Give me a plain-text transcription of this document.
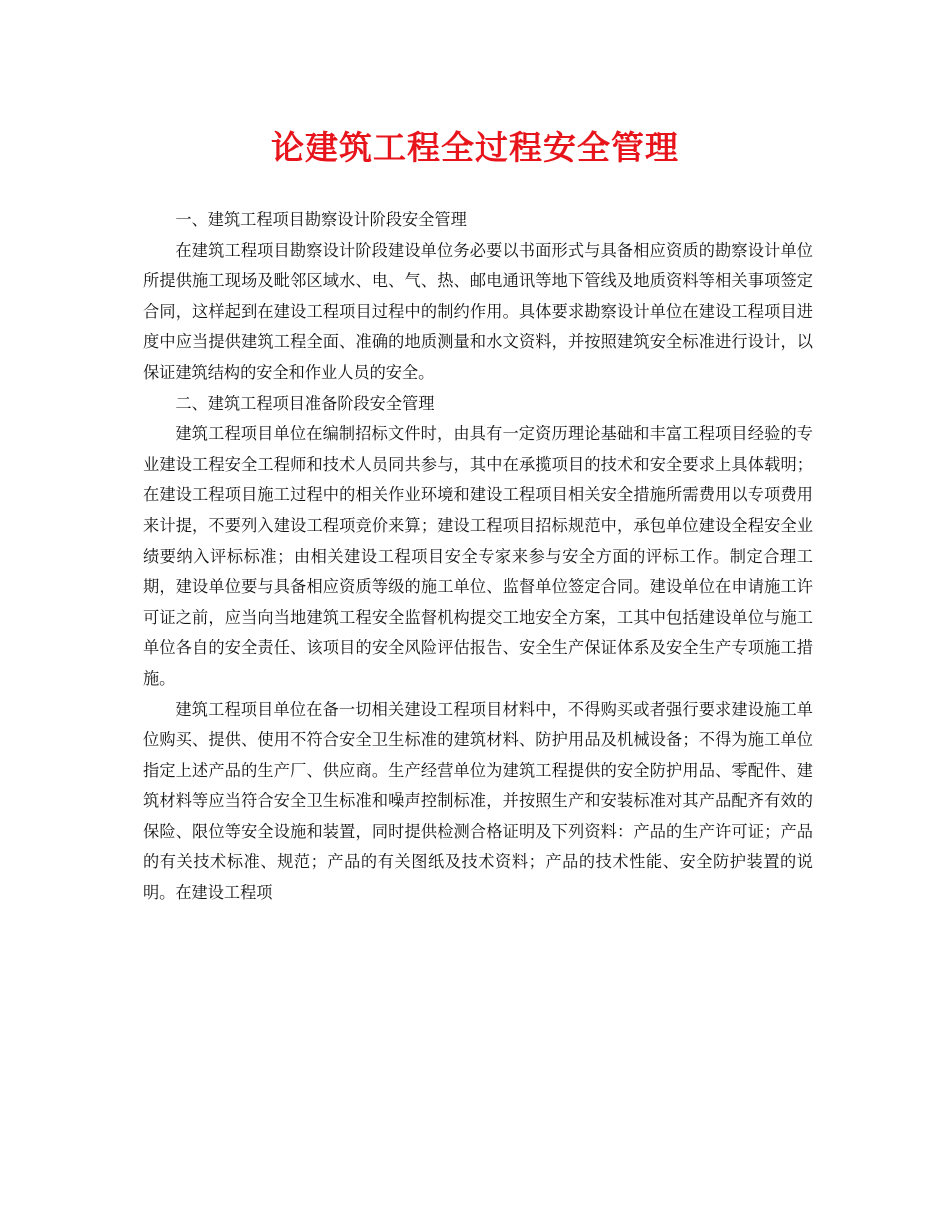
论建筑工程全过程安全管理

一、建筑工程项目勘察设计阶段安全管理

在建筑工程项目勘察设计阶段建设单位务必要以书面形式与具备相应资质的勘察设计单位所提供施工现场及毗邻区域水、电、气、热、邮电通讯等地下管线及地质资料等相关事项签定合同，这样起到在建设工程项目过程中的制约作用。具体要求勘察设计单位在建设工程项目进度中应当提供建筑工程全面、准确的地质测量和水文资料，并按照建筑安全标准进行设计，以保证建筑结构的安全和作业人员的安全。

二、建筑工程项目准备阶段安全管理

建筑工程项目单位在编制招标文件时，由具有一定资历理论基础和丰富工程项目经验的专业建设工程安全工程师和技术人员同共参与，其中在承揽项目的技术和安全要求上具体载明；在建设工程项目施工过程中的相关作业环境和建设工程项目相关安全措施所需费用以专项费用来计提，不要列入建设工程项竞价来算；建设工程项目招标规范中，承包单位建设全程安全业绩要纳入评标标准；由相关建设工程项目安全专家来参与安全方面的评标工作。制定合理工期，建设单位要与具备相应资质等级的施工单位、监督单位签定合同。建设单位在申请施工许可证之前，应当向当地建筑工程安全监督机构提交工地安全方案，工其中包括建设单位与施工单位各自的安全责任、该项目的安全风险评估报告、安全生产保证体系及安全生产专项施工措施。

建筑工程项目单位在备一切相关建设工程项目材料中，不得购买或者强行要求建设施工单位购买、提供、使用不符合安全卫生标准的建筑材料、防护用品及机械设备；不得为施工单位指定上述产品的生产厂、供应商。生产经营单位为建筑工程提供的安全防护用品、零配件、建筑材料等应当符合安全卫生标准和噪声控制标准，并按照生产和安装标准对其产品配齐有效的保险、限位等安全设施和装置，同时提供检测合格证明及下列资料：产品的生产许可证；产品的有关技术标准、规范；产品的有关图纸及技术资料；产品的技术性能、安全防护装置的说明。在建设工程项
